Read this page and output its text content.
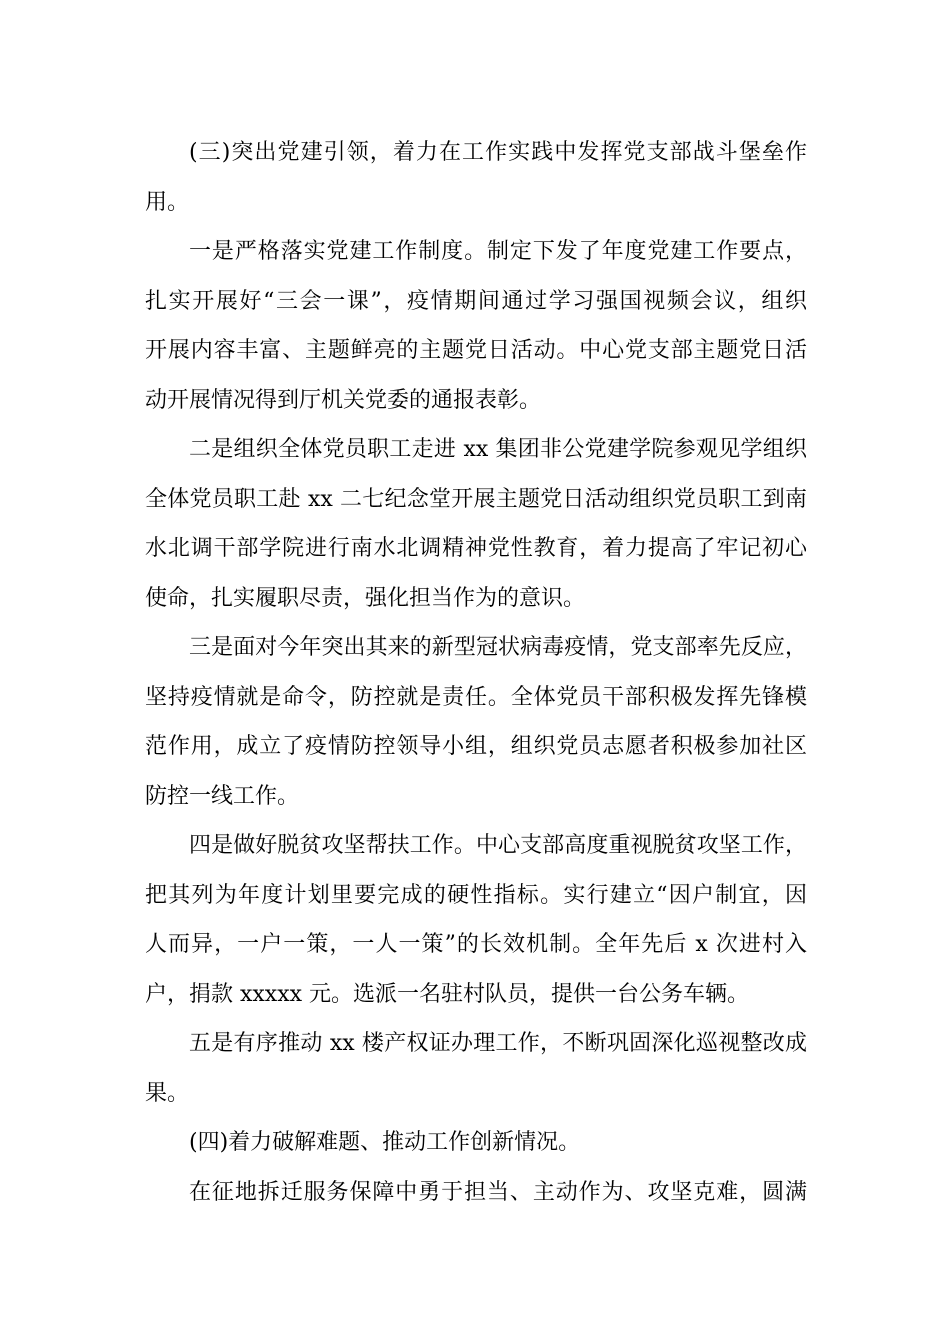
(三)突出党建引领，着力在工作实践中发挥党支部战斗堡垒作
用。
一是严格落实党建工作制度。制定下发了年度党建工作要点，
扎实开展好“三会一课”，疫情期间通过学习强国视频会议，组织
开展内容丰富、主题鲜亮的主题党日活动。中心党支部主题党日活
动开展情况得到厅机关党委的通报表彰。
二是组织全体党员职工走进 xx 集团非公党建学院参观见学组织
全体党员职工赴 xx 二七纪念堂开展主题党日活动组织党员职工到南
水北调干部学院进行南水北调精神党性教育，着力提高了牢记初心
使命，扎实履职尽责，强化担当作为的意识。
三是面对今年突出其来的新型冠状病毒疫情，党支部率先反应，
坚持疫情就是命令，防控就是责任。全体党员干部积极发挥先锋模
范作用，成立了疫情防控领导小组，组织党员志愿者积极参加社区
防控一线工作。
四是做好脱贫攻坚帮扶工作。中心支部高度重视脱贫攻坚工作，
把其列为年度计划里要完成的硬性指标。实行建立“因户制宜，因
人而异，一户一策，一人一策”的长效机制。全年先后 x 次进村入
户，捐款 xxxxx 元。选派一名驻村队员，提供一台公务车辆。
五是有序推动 xx 楼产权证办理工作，不断巩固深化巡视整改成
果。
(四)着力破解难题、推动工作创新情况。
在征地拆迁服务保障中勇于担当、主动作为、攻坚克难，圆满
